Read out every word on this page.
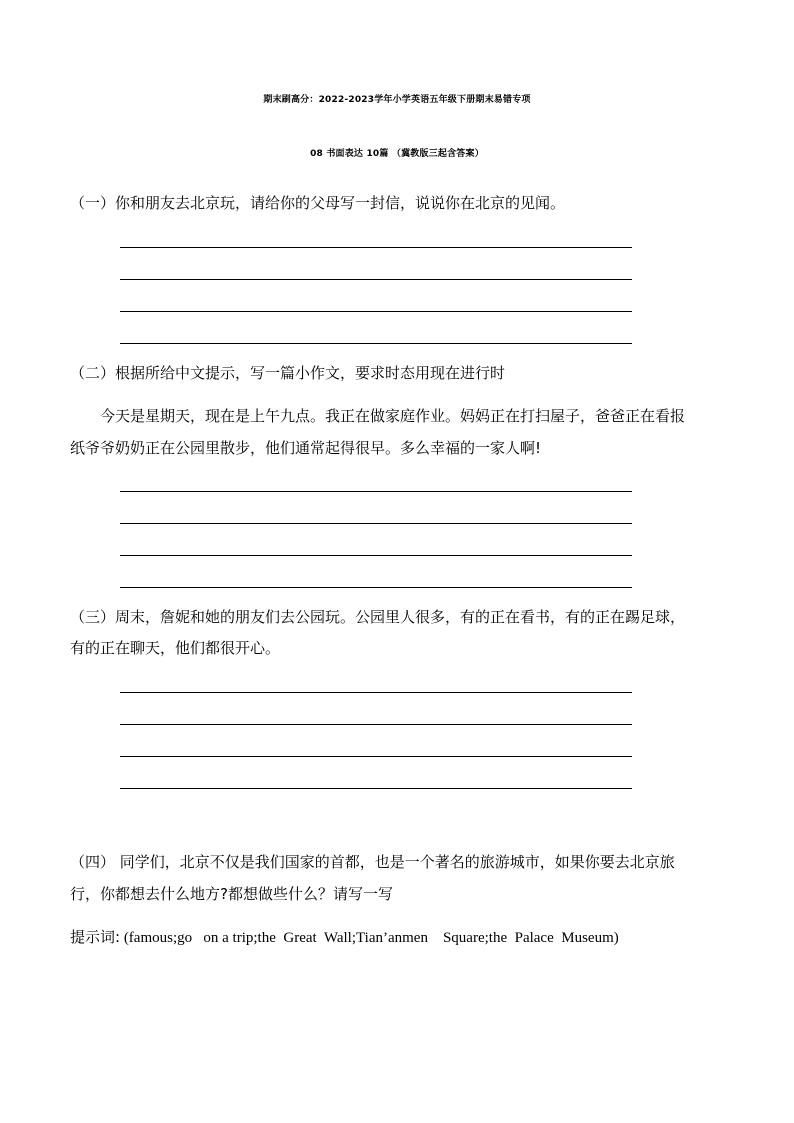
期末刷高分：2022-2023学年小学英语五年级下册期末易错专项
08 书面表达 10篇 （冀教版三起含答案）
（一）你和朋友去北京玩，请给你的父母写一封信，说说你在北京的见闻。
（二）根据所给中文提示，写一篇小作文，要求时态用现在进行时
今天是星期天，现在是上午九点。我正在做家庭作业。妈妈正在打扫屋子，爸爸正在看报
纸爷爷奶奶正在公园里散步，他们通常起得很早。多么幸福的一家人啊!
（三）周末，詹妮和她的朋友们去公园玩。公园里人很多，有的正在看书，有的正在踢足球，
有的正在聊天，他们都很开心。
（四） 同学们，北京不仅是我们国家的首都，也是一个著名的旅游城市，如果你要去北京旅
行，你都想去什么地方?都想做些什么？请写一写
提示词: (famous;go   on a trip;the  Great  Wall;Tian’anmen    Square;the  Palace  Museum)
